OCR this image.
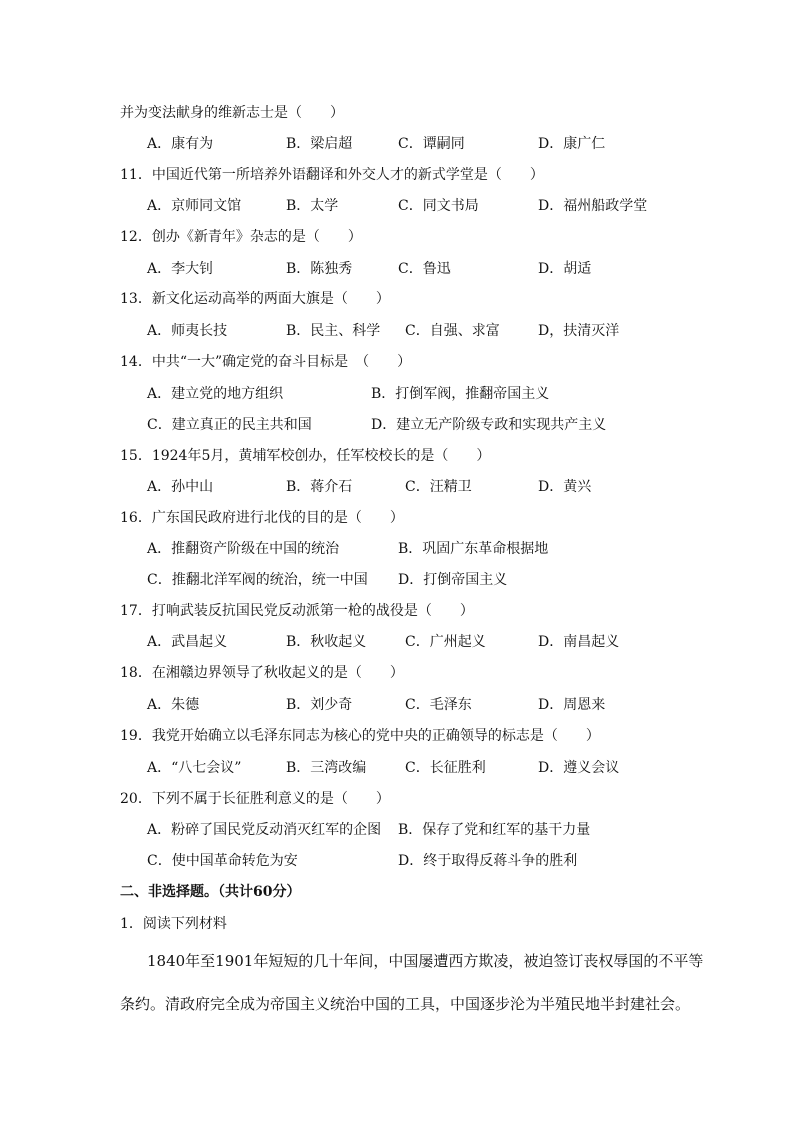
并为变法献身的维新志士是（　　）
A．康有为	B．梁启超	C．谭嗣同	D．康广仁
11．中国近代第一所培养外语翻译和外交人才的新式学堂是（　　）
A．京师同文馆	B．太学	C．同文书局	D．福州船政学堂
12．创办《新青年》杂志的是（　　）
A．李大钊	B．陈独秀	C．鲁迅	D．胡适
13．新文化运动高举的两面大旗是（　　）
A．师夷长技	B．民主、科学 C．自强、求富	D，扶清灭洋
14．中共“一大”确定党的奋斗目标是　（　　）
A．建立党的地方组织	B．打倒军阀，推翻帝国主义
C．建立真正的民主共和国	D．建立无产阶级专政和实现共产主义
15．1924年5月，黄埔军校创办，任军校校长的是（　　）
A．孙中山	B．蒋介石	C．汪精卫	D．黄兴
16．广东国民政府进行北伐的目的是（　　）
A．推翻资产阶级在中国的统治	B．巩固广东革命根据地
C．推翻北洋军阀的统治，统一中国 D．打倒帝国主义
17．打响武装反抗国民党反动派第一枪的战役是（　　）
A．武昌起义	B．秋收起义	C．广州起义	D．南昌起义
18．在湘赣边界领导了秋收起义的是（　　）
A．朱德	B．刘少奇	C．毛泽东	D．周恩来
19．我党开始确立以毛泽东同志为核心的党中央的正确领导的标志是（　　）
A．“八七会议”	B．三湾改编	C．长征胜利	D．遵义会议
20．下列不属于长征胜利意义的是（　　）
A．粉碎了国民党反动消灭红军的企图 B．保存了党和红军的基干力量
C．使中国革命转危为安	D．终于取得反蒋斗争的胜利
二、非选择题。（共计60分）
1．阅读下列材料
1840年至1901年短短的几十年间，中国屡遭西方欺凌，被迫签订丧权辱国的不平等
条约。清政府完全成为帝国主义统治中国的工具，中国逐步沦为半殖民地半封建社会。
